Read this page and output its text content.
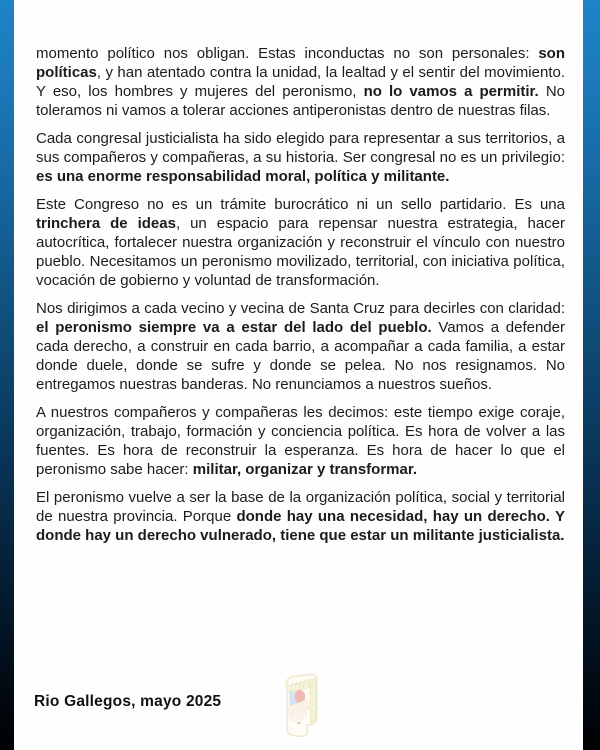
momento político nos obligan. Estas inconductas no son personales: son políticas, y han atentado contra la unidad, la lealtad y el sentir del movimiento. Y eso, los hombres y mujeres del peronismo, no lo vamos a permitir. No toleramos ni vamos a tolerar acciones antiperonistas dentro de nuestras filas.

Cada congresal justicialista ha sido elegido para representar a sus territorios, a sus compañeros y compañeras, a su historia. Ser congresal no es un privilegio: es una enorme responsabilidad moral, política y militante.

Este Congreso no es un trámite burocrático ni un sello partidario. Es una trinchera de ideas, un espacio para repensar nuestra estrategia, hacer autocrítica, fortalecer nuestra organización y reconstruir el vínculo con nuestro pueblo. Necesitamos un peronismo movilizado, territorial, con iniciativa política, vocación de gobierno y voluntad de transformación.

Nos dirigimos a cada vecino y vecina de Santa Cruz para decirles con claridad: el peronismo siempre va a estar del lado del pueblo. Vamos a defender cada derecho, a construir en cada barrio, a acompañar a cada familia, a estar donde duele, donde se sufre y donde se pelea. No nos resignamos. No entregamos nuestras banderas. No renunciamos a nuestros sueños.

A nuestros compañeros y compañeras les decimos: este tiempo exige coraje, organización, trabajo, formación y conciencia política. Es hora de volver a las fuentes. Es hora de reconstruir la esperanza. Es hora de hacer lo que el peronismo sabe hacer: militar, organizar y transformar.

El peronismo vuelve a ser la base de la organización política, social y territorial de nuestra provincia. Porque donde hay una necesidad, hay un derecho. Y donde hay un derecho vulnerado, tiene que estar un militante justicialista.

Rio Gallegos, mayo 2025
